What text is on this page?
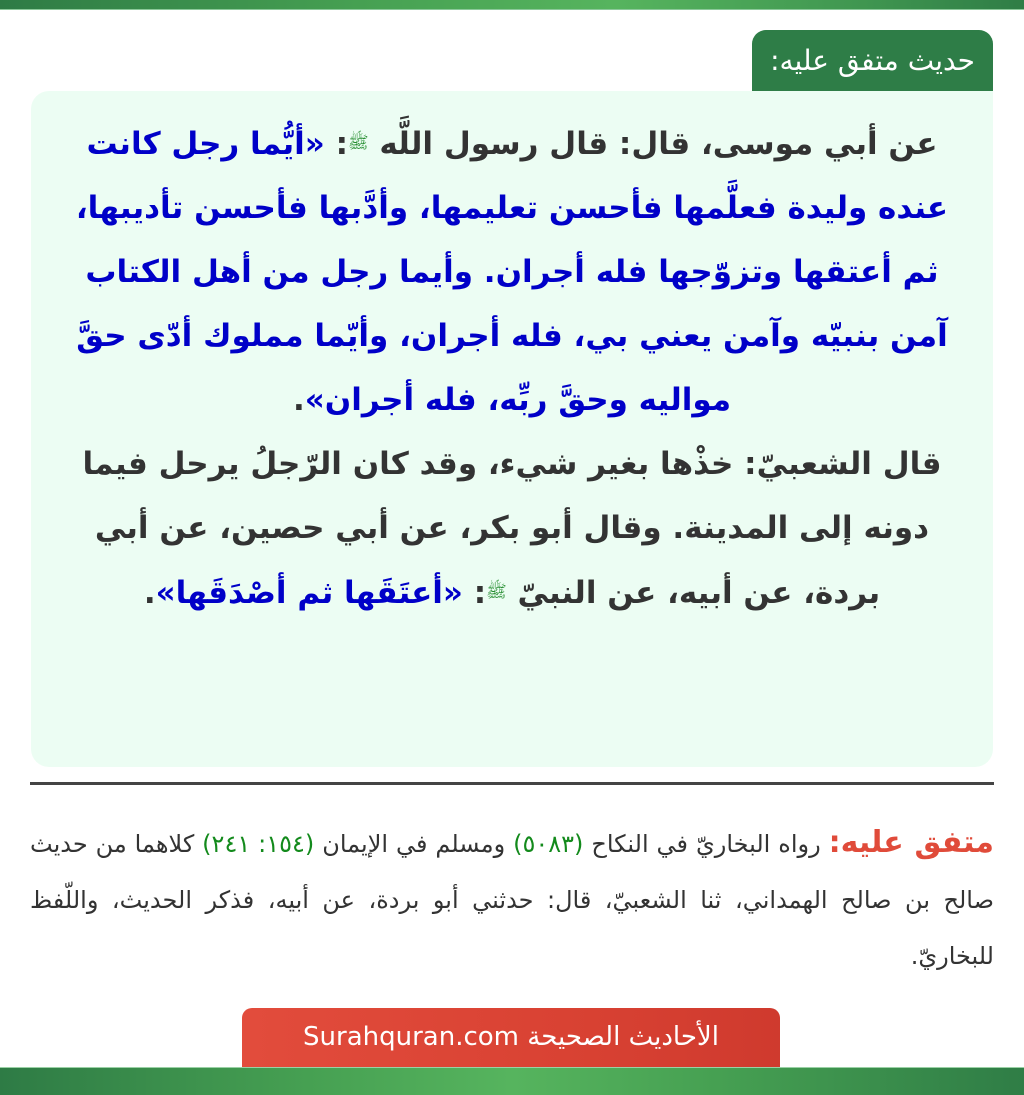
حديث متفق عليه:

عن أبي موسى، قال: قال رسول اللَّه ﷺ: «أيُّما رجل كانت عنده وليدة فعلَّمها فأحسن تعليمها، وأدَّبها فأحسن تأديبها، ثم أعتقها وتزوّجها فله أجران. وأيما رجل من أهل الكتاب آمن بنبيّه وآمن يعني بي، فله أجران، وأيّما مملوك أدّى حقَّ مواليه وحقَّ ربِّه، فله أجران».
قال الشعبيّ: خذْها بغير شيء، وقد كان الرّجلُ يرحل فيما دونه إلى المدينة. وقال أبو بكر، عن أبي حصين، عن أبي بردة، عن أبيه، عن النبيّ ﷺ: «أعتَقَها ثم أصْدَقَها».

متفق عليه: رواه البخاريّ في النكاح (٥٠٨٣) ومسلم في الإيمان (١٥٤: ٢٤١) كلاهما من حديث صالح بن صالح الهمداني، ثنا الشعبيّ، قال: حدثني أبو بردة، عن أبيه، فذكر الحديث، واللّفظ للبخاريّ.
الأحاديث الصحيحة Surahquran.com
